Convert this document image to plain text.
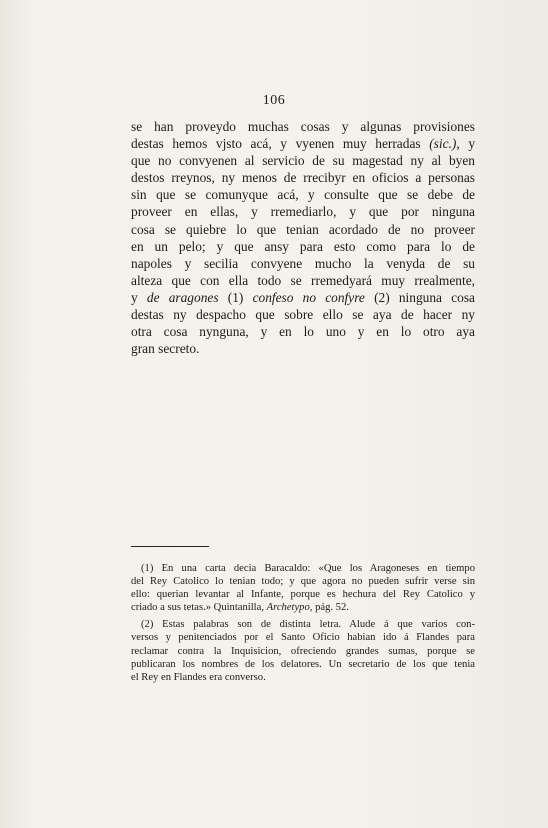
106
se han proveydo muchas cosas y algunas provisiones
destas hemos vjsto acá, y vyenen muy herradas (sic.), y
que no convyenen al servicio de su magestad ny al byen
destos rreynos, ny menos de rrecibyr en oficios a personas
sin que se comunyque acá, y consulte que se debe de
proveer en ellas, y rremediarlo, y que por ninguna
cosa se quiebre lo que tenian acordado de no proveer
en un pelo; y que ansy para esto como para lo de
napoles y secilia convyene mucho la venyda de su
alteza que con ella todo se rremedyará muy rrealmente,
y de aragones (1) confeso no confyre (2) ninguna cosa
destas ny despacho que sobre ello se aya de hacer ny
otra cosa nynguna, y en lo uno y en lo otro aya
gran secreto.
(1) En una carta decia Baracaldo: «Que los Aragoneses en tiempo
del Rey Catolico lo tenian todo; y que agora no pueden sufrir verse sin
ello: querian levantar al Infante, porque es hechura del Rey Catolico y
criado a sus tetas.» Quintanilla, Archetypo, pág. 52.
(2) Estas palabras son de distinta letra. Alude á que varios con-
versos y penitenciados por el Santo Oficio habian ido á Flandes para
reclamar contra la Inquisicion, ofreciendo grandes sumas, porque se
publicaran los nombres de los delatores. Un secretario de los que tenia
el Rey en Flandes era converso.
